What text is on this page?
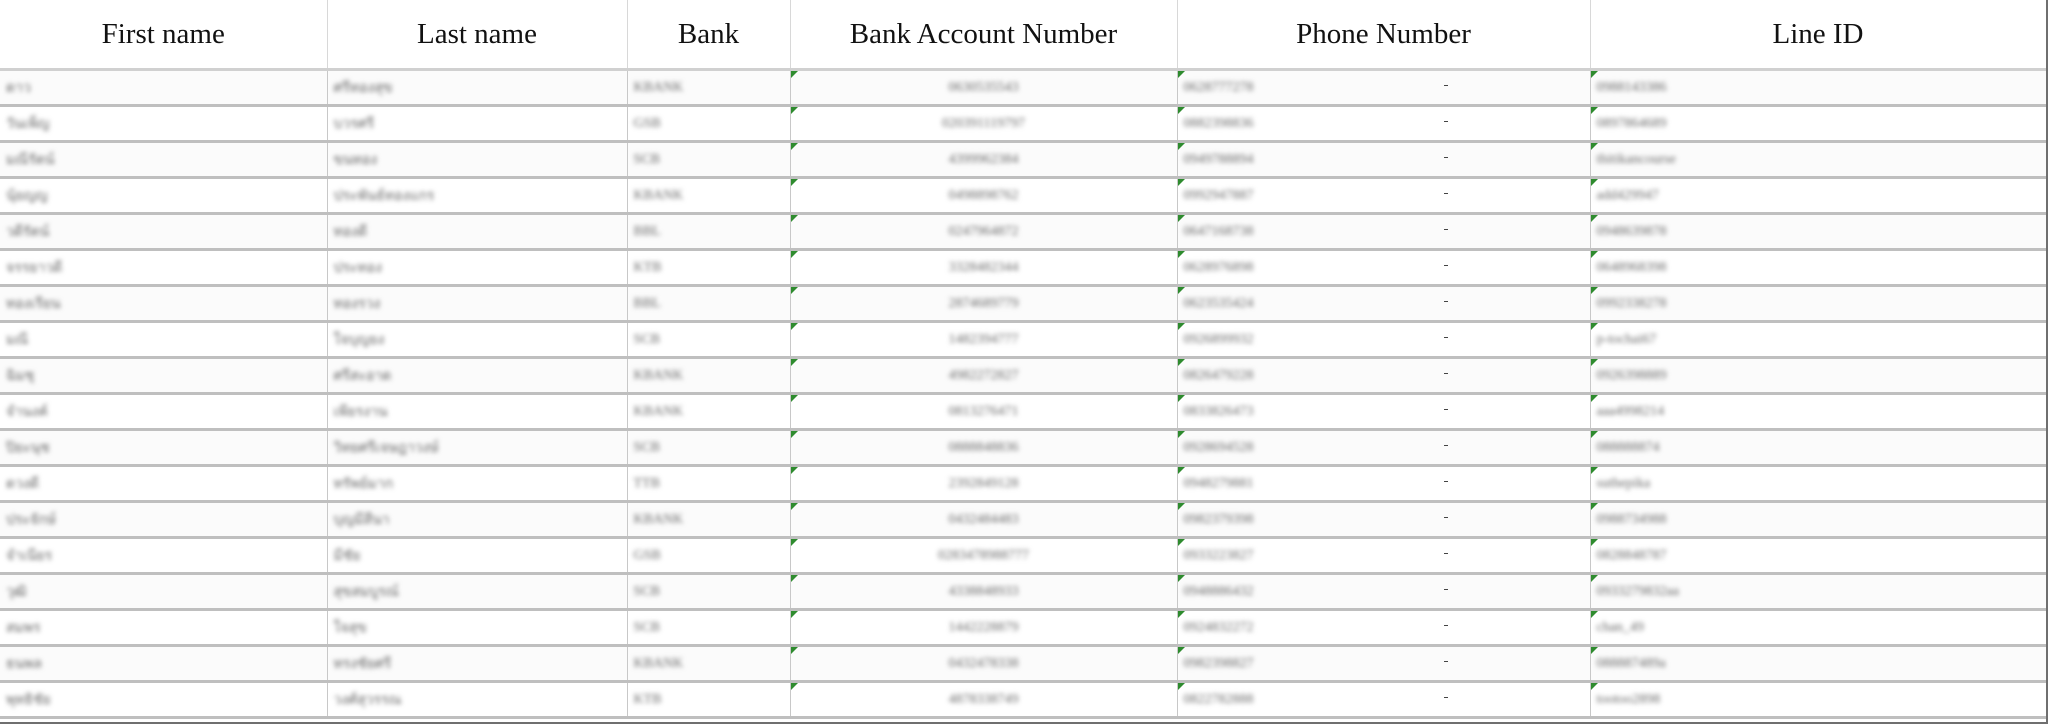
First name	Last name	Bank	Bank Account Number	Phone Number	Line ID
ดาว	ศรีทองสุข	KBANK	0630535543	0628777278	0988143386
วันเพ็ญ	บวรศรี	GSB	020391119797	0882398836	0897864689
มณีรัตน์	ขนทอง	SCB	4399962384	0949788894	thitikancourse
นุ้ยญญ	ประพันธ์ทองแกร	KBANK	0498898762	0992947887	add429947
วดีรัตน์	ทองดี	BBL	0247964872	0647168738	0948639878
จรรยาวดี	ประทอง	KTB	3328482344	0628976898	0648968398
ทองเรียน	ทองรวง	BBL	2874689779	0623535424	0992338278
มณี	ใจบุญยง	SCB	1482394777	0926899932	p-tochai67
ฉิมชุ	ศรีสะอาด	KBANK	4982272827	0826479228	0926398889
จำนงค์	เพียรงาน	KBANK	0813276471	0833826473	aaa4998214
ปิยะนุช	วิทยศรีเจษฎาวงษ์	SCB	0888848836	0928694528	088888874
ดวงดี	ทรัพย์มาก	TTB	2392849128	0948279881	suthepika
ประจักษ์	บุญมีสีนา	KBANK	0432484483	0982379398	0988734988
จำเนียร	มีชัย	GSB	0283478988777	0933223827	0828848787
วุฒิ	สุขสมบูรณ์	SCB	4338848933	0948886432	0933279832aa
สมพร	ใจสุข	SCB	1442228879	0924832272	chan_49
ธนพล	ทรงชัยศรี	KBANK	0432478338	0982398827	088887489a
พุทธิชัย	วงศ์สุวรรณ	KTB	4878338749	0822782888	tootoo2898
